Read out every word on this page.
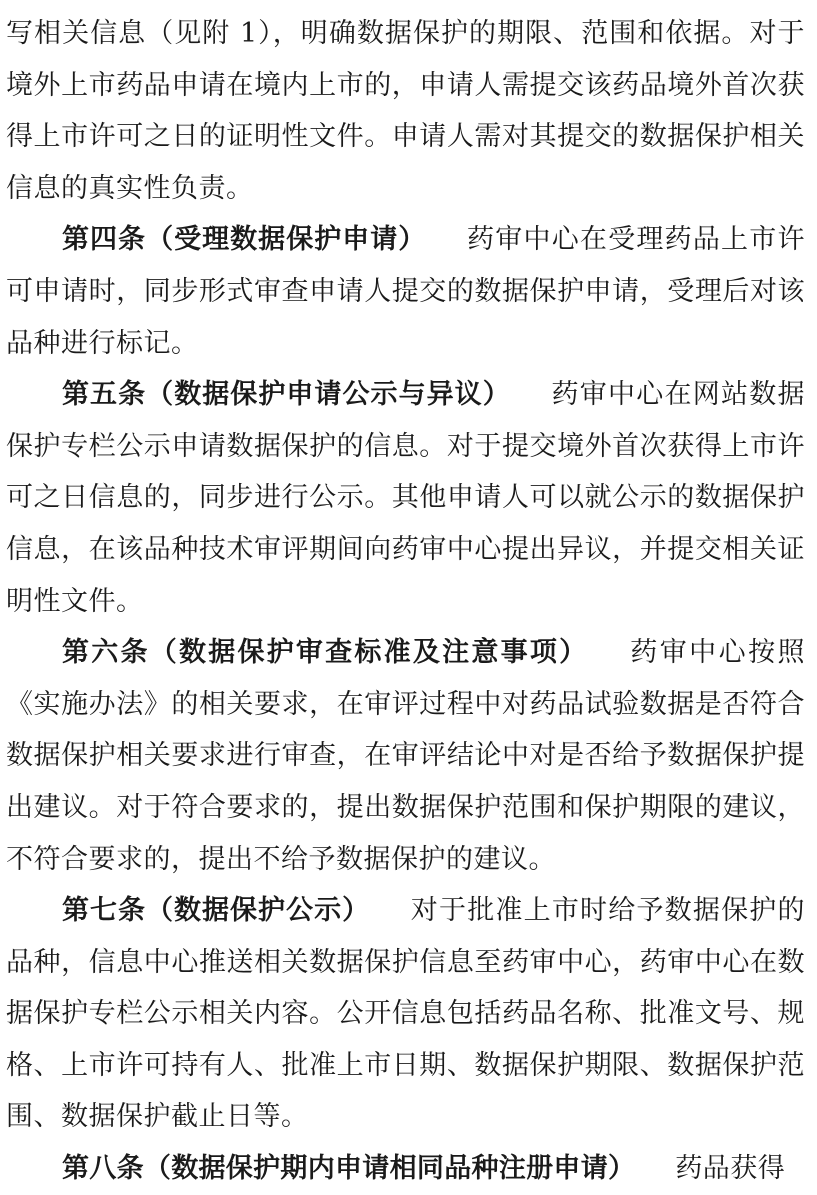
写相关信息（见附 1），明确数据保护的期限、范围和依据。对于境外上市药品申请在境内上市的，申请人需提交该药品境外首次获得上市许可之日的证明性文件。申请人需对其提交的数据保护相关信息的真实性负责。

第四条（受理数据保护申请） 药审中心在受理药品上市许可申请时，同步形式审查申请人提交的数据保护申请，受理后对该品种进行标记。

第五条（数据保护申请公示与异议） 药审中心在网站数据保护专栏公示申请数据保护的信息。对于提交境外首次获得上市许可之日信息的，同步进行公示。其他申请人可以就公示的数据保护信息，在该品种技术审评期间向药审中心提出异议，并提交相关证明性文件。

第六条（数据保护审查标准及注意事项） 药审中心按照《实施办法》的相关要求，在审评过程中对药品试验数据是否符合数据保护相关要求进行审查，在审评结论中对是否给予数据保护提出建议。对于符合要求的，提出数据保护范围和保护期限的建议，不符合要求的，提出不给予数据保护的建议。

第七条（数据保护公示） 对于批准上市时给予数据保护的品种，信息中心推送相关数据保护信息至药审中心，药审中心在数据保护专栏公示相关内容。公开信息包括药品名称、批准文号、规格、上市许可持有人、批准上市日期、数据保护期限、数据保护范围、数据保护截止日等。

第八条（数据保护期内申请相同品种注册申请） 药品获得
